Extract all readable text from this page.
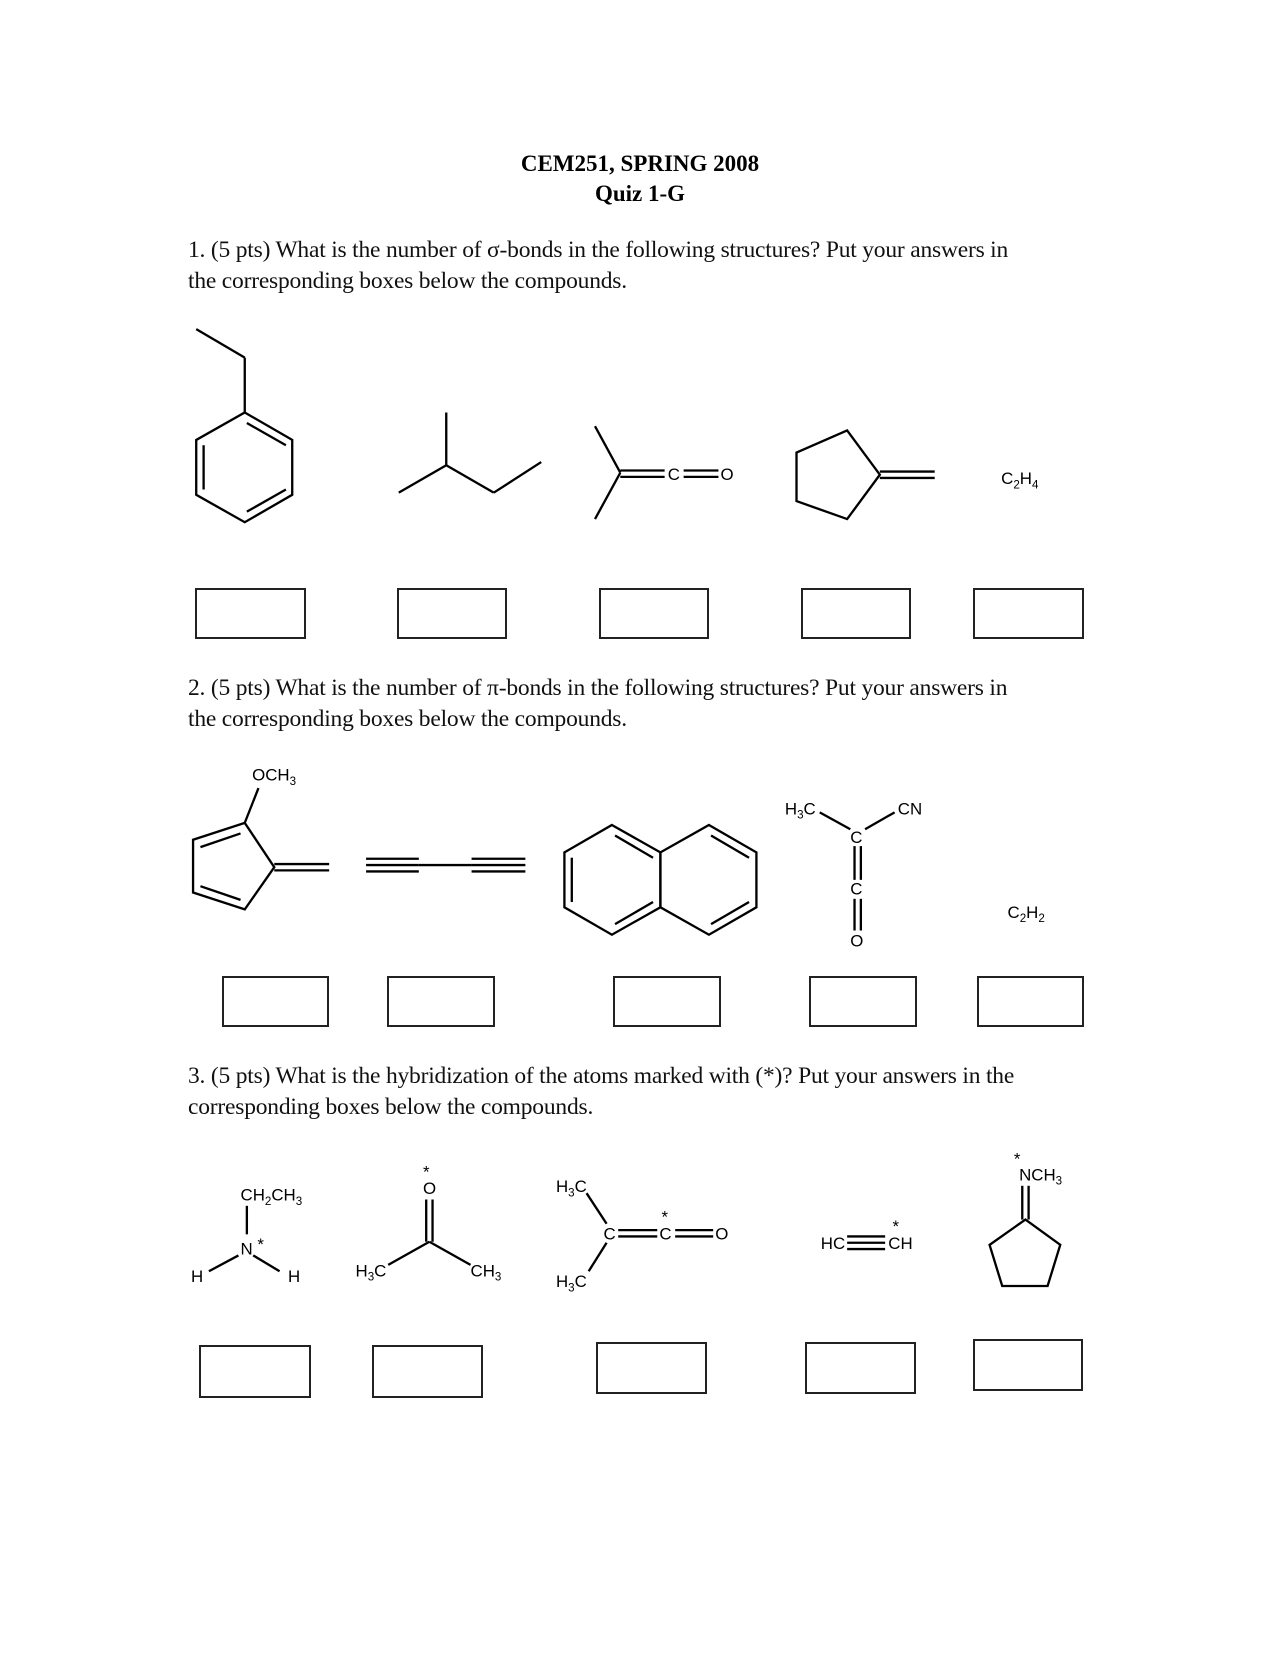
CEM251, SPRING 2008
Quiz 1-G
1. (5 pts) What is the number of σ-bonds in the following structures? Put your answers in
the corresponding boxes below the compounds.
2. (5 pts) What is the number of π-bonds in the following structures? Put your answers in
the corresponding boxes below the compounds.
3. (5 pts) What is the hybridization of the atoms marked with (*)? Put your answers in the
corresponding boxes below the compounds.
C	O	$C_2H_4$
$OCH_3$
$H_3C$	CN
C
C
O
$C_2H_2$
$CH_2CH_3$
N *
H	H
*
O
$H_3C$	$CH_3$
$H_3C$
C
$H_3C$
*
C	O	HC
*
CH
*
$NCH_3$
